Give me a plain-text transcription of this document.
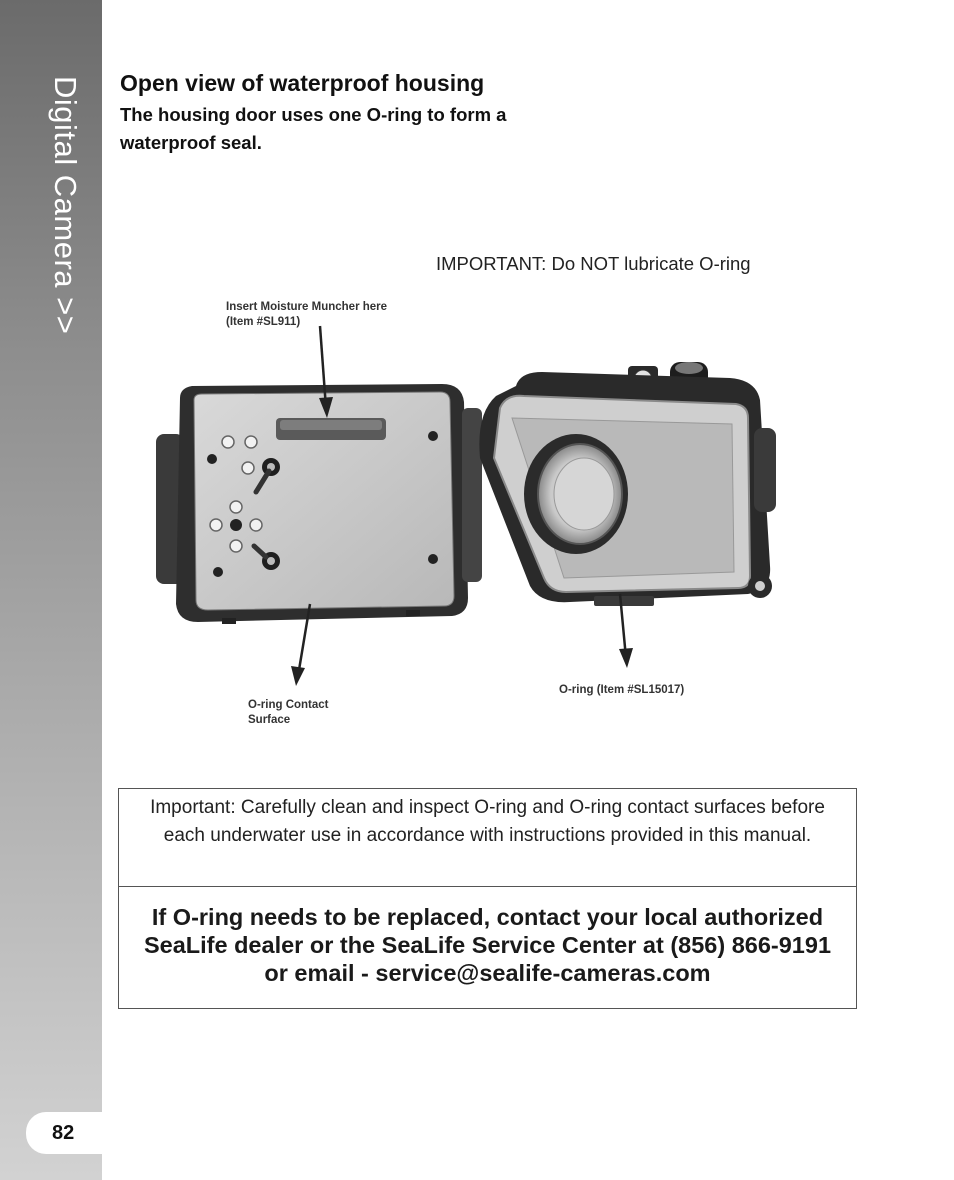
Digital Camera >>
82
Open view of waterproof housing

The housing door uses one O-ring to form a waterproof seal.

IMPORTANT: Do NOT lubricate O-ring
Insert Moisture Muncher here
(Item #SL911)
O-ring Contact
Surface
O-ring (Item #SL15017)
Important: Carefully clean and inspect O-ring and O-ring contact surfaces before each underwater use in accordance with instructions provided in this manual.
If O-ring needs to be replaced, contact your local authorized SeaLife dealer or the SeaLife Service Center at (856) 866-9191 or email - service@sealife-cameras.com
